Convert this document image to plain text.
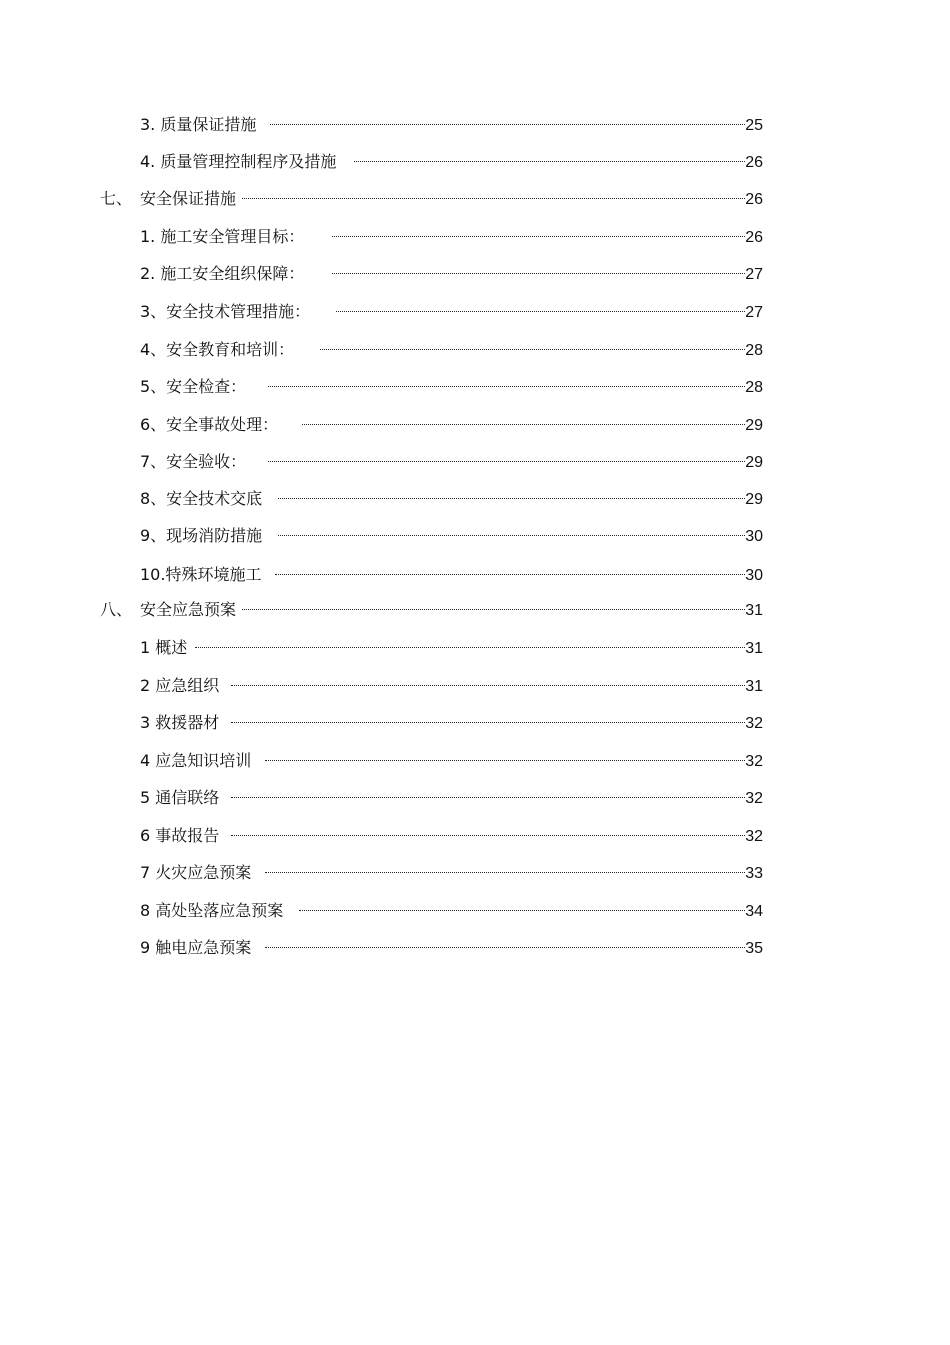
3. 质量保证措施	25
4. 质量管理控制程序及措施	26
七、　安全保证措施	26
1. 施工安全管理目标：	26
2. 施工安全组织保障：	27
3、安全技术管理措施：	27
4、安全教育和培训：	28
5、安全检查：	28
6、安全事故处理：	29
7、安全验收：	29
8、安全技术交底	29
9、现场消防措施	30
10.特殊环境施工	30
八、　安全应急预案	31
1 概述	31
2 应急组织	31
3 救援器材	32
4 应急知识培训	32
5 通信联络	32
6 事故报告	32
7 火灾应急预案	33
8 高处坠落应急预案	34
9 触电应急预案	35
